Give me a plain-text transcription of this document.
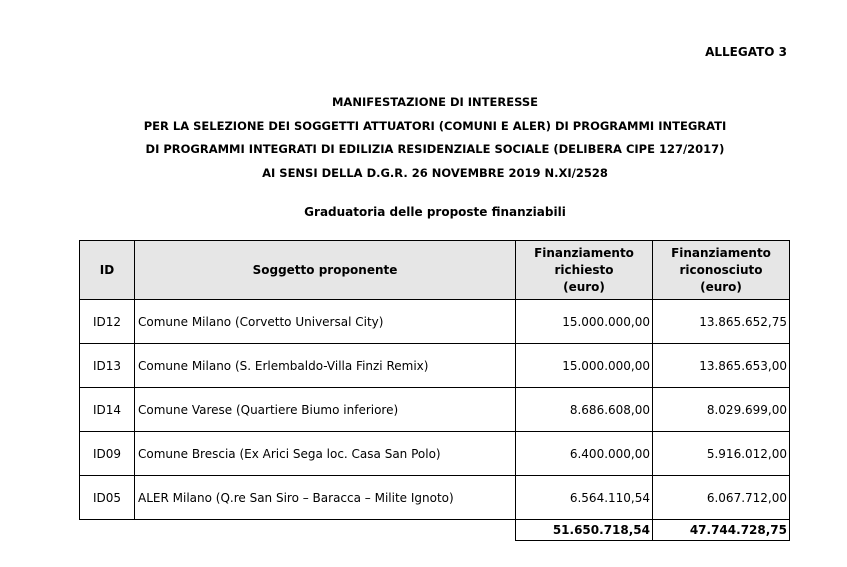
ALLEGATO 3
MANIFESTAZIONE DI INTERESSE
PER LA SELEZIONE DEI SOGGETTI ATTUATORI (COMUNI E ALER) DI PROGRAMMI INTEGRATI
DI PROGRAMMI INTEGRATI DI EDILIZIA RESIDENZIALE SOCIALE (DELIBERA CIPE 127/2017)
AI SENSI DELLA D.G.R. 26 NOVEMBRE 2019 N.XI/2528
Graduatoria delle proposte finanziabili
ID	Soggetto proponente	Finanziamento
richiesto
(euro)	Finanziamento
riconosciuto
(euro)
ID12	Comune Milano (Corvetto Universal City)	15.000.000,00	13.865.652,75
ID13	Comune Milano (S. Erlembaldo-Villa Finzi Remix)	15.000.000,00	13.865.653,00
ID14	Comune Varese (Quartiere Biumo inferiore)	8.686.608,00	8.029.699,00
ID09	Comune Brescia (Ex Arici Sega loc. Casa San Polo)	6.400.000,00	5.916.012,00
ID05	ALER Milano (Q.re San Siro – Baracca – Milite Ignoto)	6.564.110,54	6.067.712,00
		51.650.718,54	47.744.728,75
